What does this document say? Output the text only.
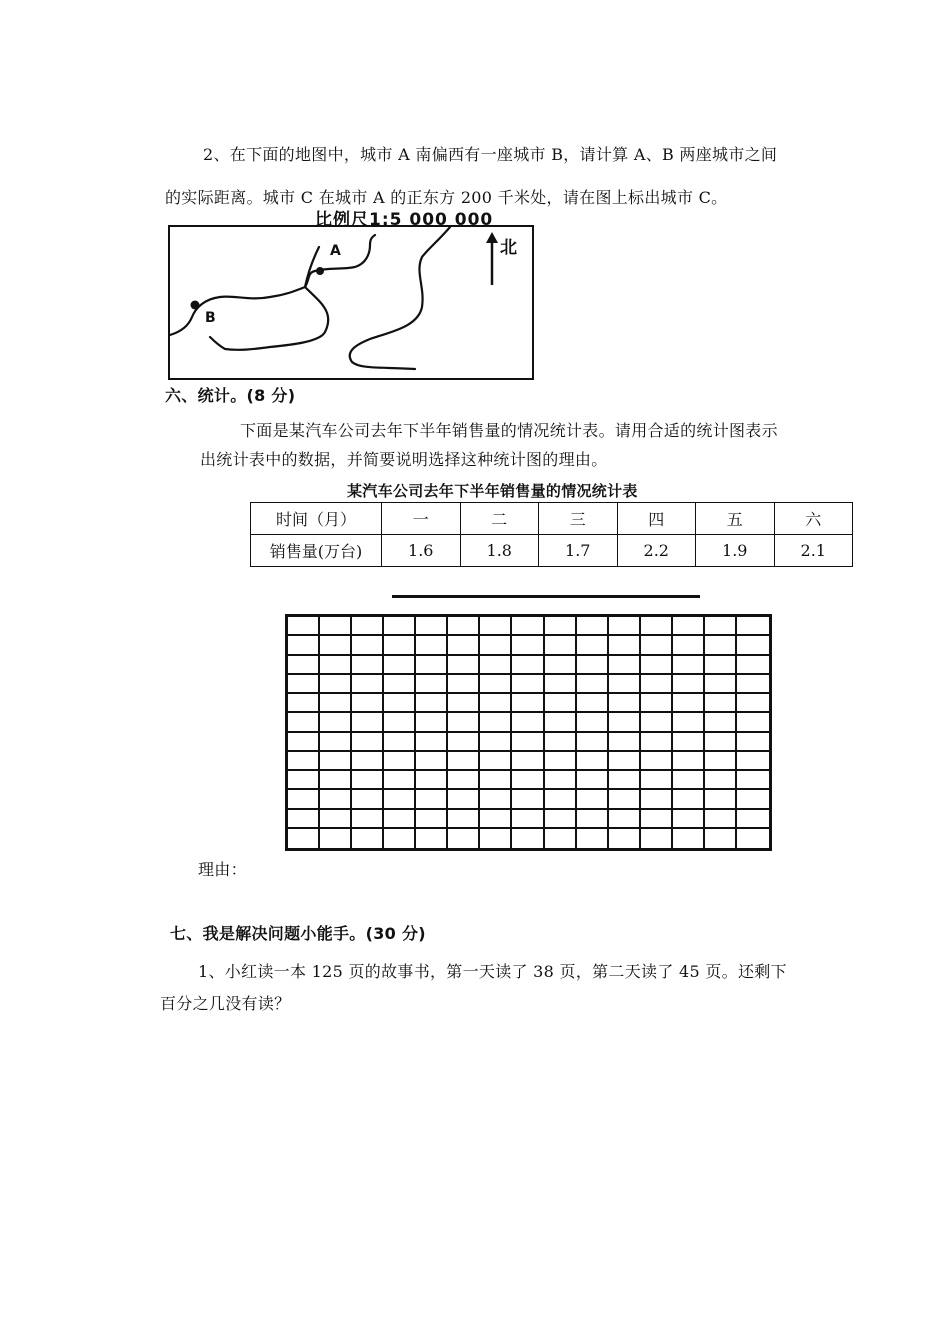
2、在下面的地图中，城市 A 南偏西有一座城市 B，请计算 A、B 两座城市之间
的实际距离。城市 C 在城市 A 的正东方 200 千米处，请在图上标出城市 C。
比例尺1:5 000 000
A
B
北
六、统计。(8 分)
下面是某汽车公司去年下半年销售量的情况统计表。请用合适的统计图表示
出统计表中的数据，并简要说明选择这种统计图的理由。
某汽车公司去年下半年销售量的情况统计表
时间（月）	一	二	三	四	五	六
销售量(万台)	1.6	1.8	1.7	2.2	1.9	2.1
理由：
七、我是解决问题小能手。(30 分)
1、小红读一本 125 页的故事书，第一天读了 38 页，第二天读了 45 页。还剩下
百分之几没有读？
